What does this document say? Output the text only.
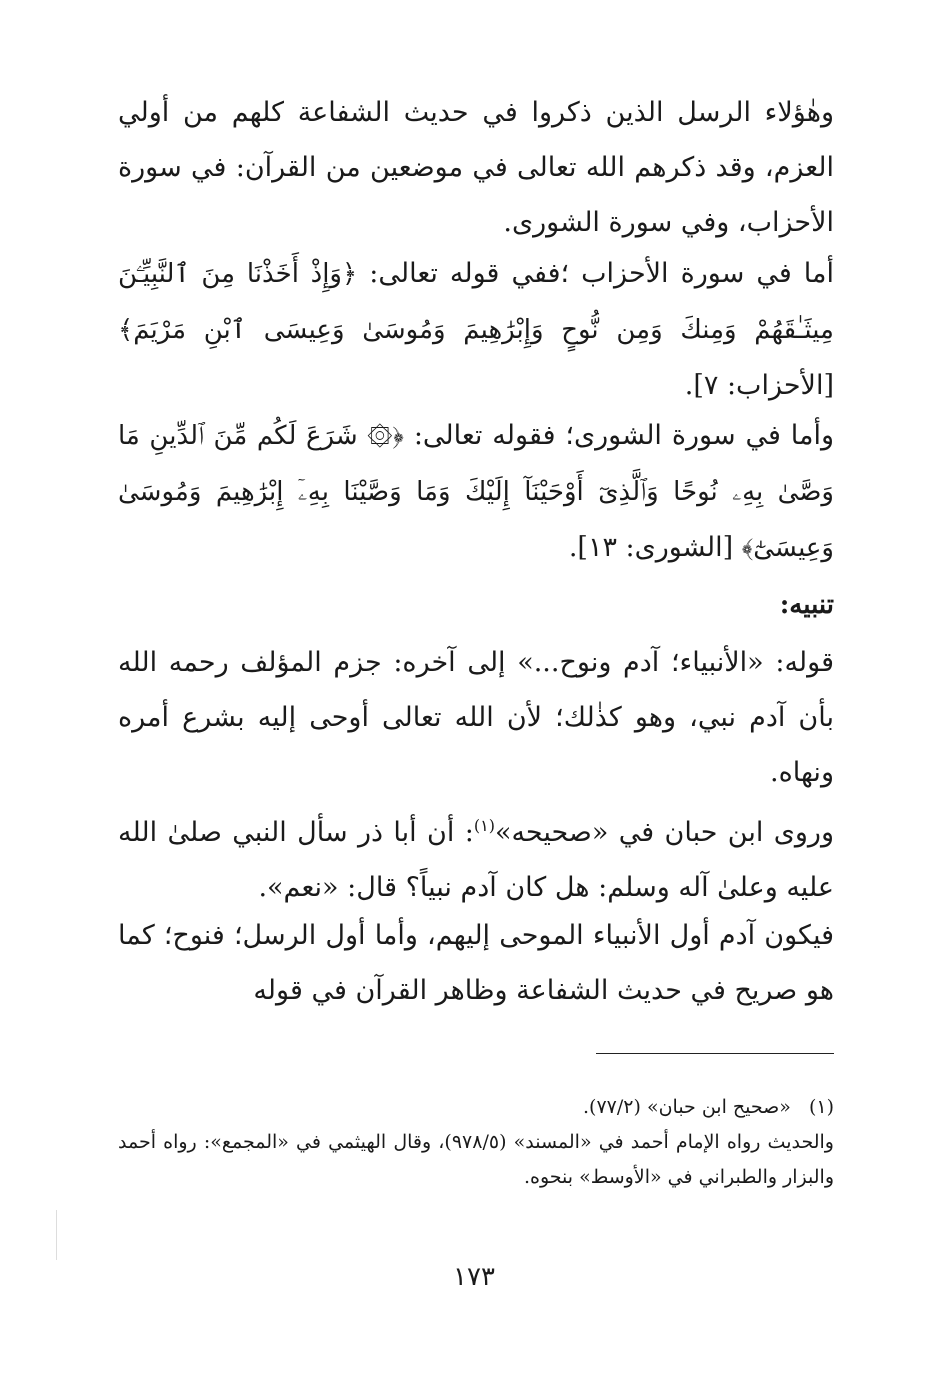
وهٰؤلاء الرسل الذين ذكروا في حديث الشفاعة كلهم من أولي العزم، وقد ذكرهم الله تعالى في موضعين من القرآن: في سورة الأحزاب، وفي سورة الشورى.

أما في سورة الأحزاب ؛ففي قوله تعالى: ﴿وَإِذْ أَخَذْنَا مِنَ ٱلنَّبِيِّـۧنَ مِيثَـٰقَهُمْ وَمِنكَ وَمِن نُّوحٍ وَإِبْرَٰهِيمَ وَمُوسَىٰ وَعِيسَى ٱبْنِ مَرْيَمَ﴾ [الأحزاب: ٧].

وأما في سورة الشورى؛ فقوله تعالى: ﴿۞ شَرَعَ لَكُم مِّنَ ٱلدِّينِ مَا وَصَّىٰ بِهِۦ نُوحًا وَٱلَّذِىٓ أَوْحَيْنَآ إِلَيْكَ وَمَا وَصَّيْنَا بِهِۦٓ إِبْرَٰهِيمَ وَمُوسَىٰ وَعِيسَىٰٓ﴾ [الشورى: ١٣].

تنبيه:

قوله: «الأنبياء؛ آدم ونوح...» إلى آخره: جزم المؤلف رحمه الله بأن آدم نبي، وهو كذٰلك؛ لأن الله تعالى أوحى إليه بشرع أمره ونهاه.

وروى ابن حبان في «صحيحه»$^{(١)}$: أن أبا ذر سأل النبي صلىٰ الله عليه وعلىٰ آله وسلم: هل كان آدم نبياً؟ قال: «نعم».

فيكون آدم أول الأنبياء الموحى إليهم، وأما أول الرسل؛ فنوح؛ كما هو صريح في حديث الشفاعة وظاهر القرآن في قوله

(١)«صحيح ابن حبان» (٧٧/٢).

والحديث رواه الإمام أحمد في «المسند» (٩٧٨/٥)، وقال الهيثمي في «المجمع»: رواه أحمد والبزار والطبراني في «الأوسط» بنحوه.

١٧٣
